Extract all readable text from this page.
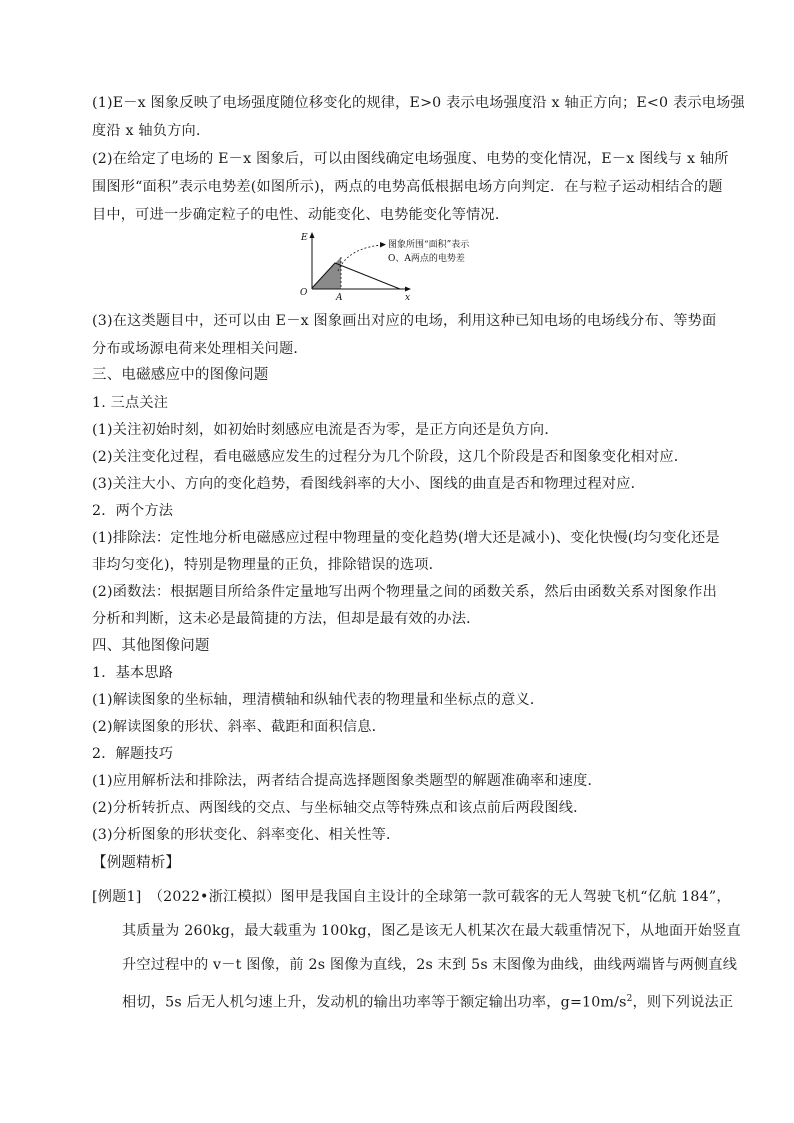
(1)E－x 图象反映了电场强度随位移变化的规律，E>0 表示电场强度沿 x 轴正方向；E<0 表示电场强
度沿 x 轴负方向．
(2)在给定了电场的 E－x 图象后，可以由图线确定电场强度、电势的变化情况，E－x 图线与 x 轴所
围图形“面积”表示电势差(如图所示)，两点的电势高低根据电场方向判定．在与粒子运动相结合的题
目中，可进一步确定粒子的电性、动能变化、电势能变化等情况．
E
x
O	A
图象所围“面积”表示
O、A两点的电势差
(3)在这类题目中，还可以由 E－x 图象画出对应的电场，利用这种已知电场的电场线分布、等势面
分布或场源电荷来处理相关问题．
三、电磁感应中的图像问题
1. 三点关注
(1)关注初始时刻，如初始时刻感应电流是否为零，是正方向还是负方向．
(2)关注变化过程，看电磁感应发生的过程分为几个阶段，这几个阶段是否和图象变化相对应．
(3)关注大小、方向的变化趋势，看图线斜率的大小、图线的曲直是否和物理过程对应．
2．两个方法
(1)排除法：定性地分析电磁感应过程中物理量的变化趋势(增大还是减小)、变化快慢(均匀变化还是
非均匀变化)，特别是物理量的正负，排除错误的选项．
(2)函数法：根据题目所给条件定量地写出两个物理量之间的函数关系，然后由函数关系对图象作出
分析和判断，这未必是最简捷的方法，但却是最有效的办法．
四、其他图像问题
1．基本思路
(1)解读图象的坐标轴，理清横轴和纵轴代表的物理量和坐标点的意义．
(2)解读图象的形状、斜率、截距和面积信息．
2．解题技巧
(1)应用解析法和排除法，两者结合提高选择题图象类题型的解题准确率和速度．
(2)分析转折点、两图线的交点、与坐标轴交点等特殊点和该点前后两段图线．
(3)分析图象的形状变化、斜率变化、相关性等．
【例题精析】
[例题1]　（2022•浙江模拟）图甲是我国自主设计的全球第一款可载客的无人驾驶飞机“亿航 184”，
其质量为 260kg，最大载重为 100kg，图乙是该无人机某次在最大载重情况下，从地面开始竖直
升空过程中的 v－t 图像，前 2s 图像为直线，2s 末到 5s 末图像为曲线，曲线两端皆与两侧直线
相切，5s 后无人机匀速上升，发动机的输出功率等于额定输出功率，$g=10m/s^2$，则下列说法正
